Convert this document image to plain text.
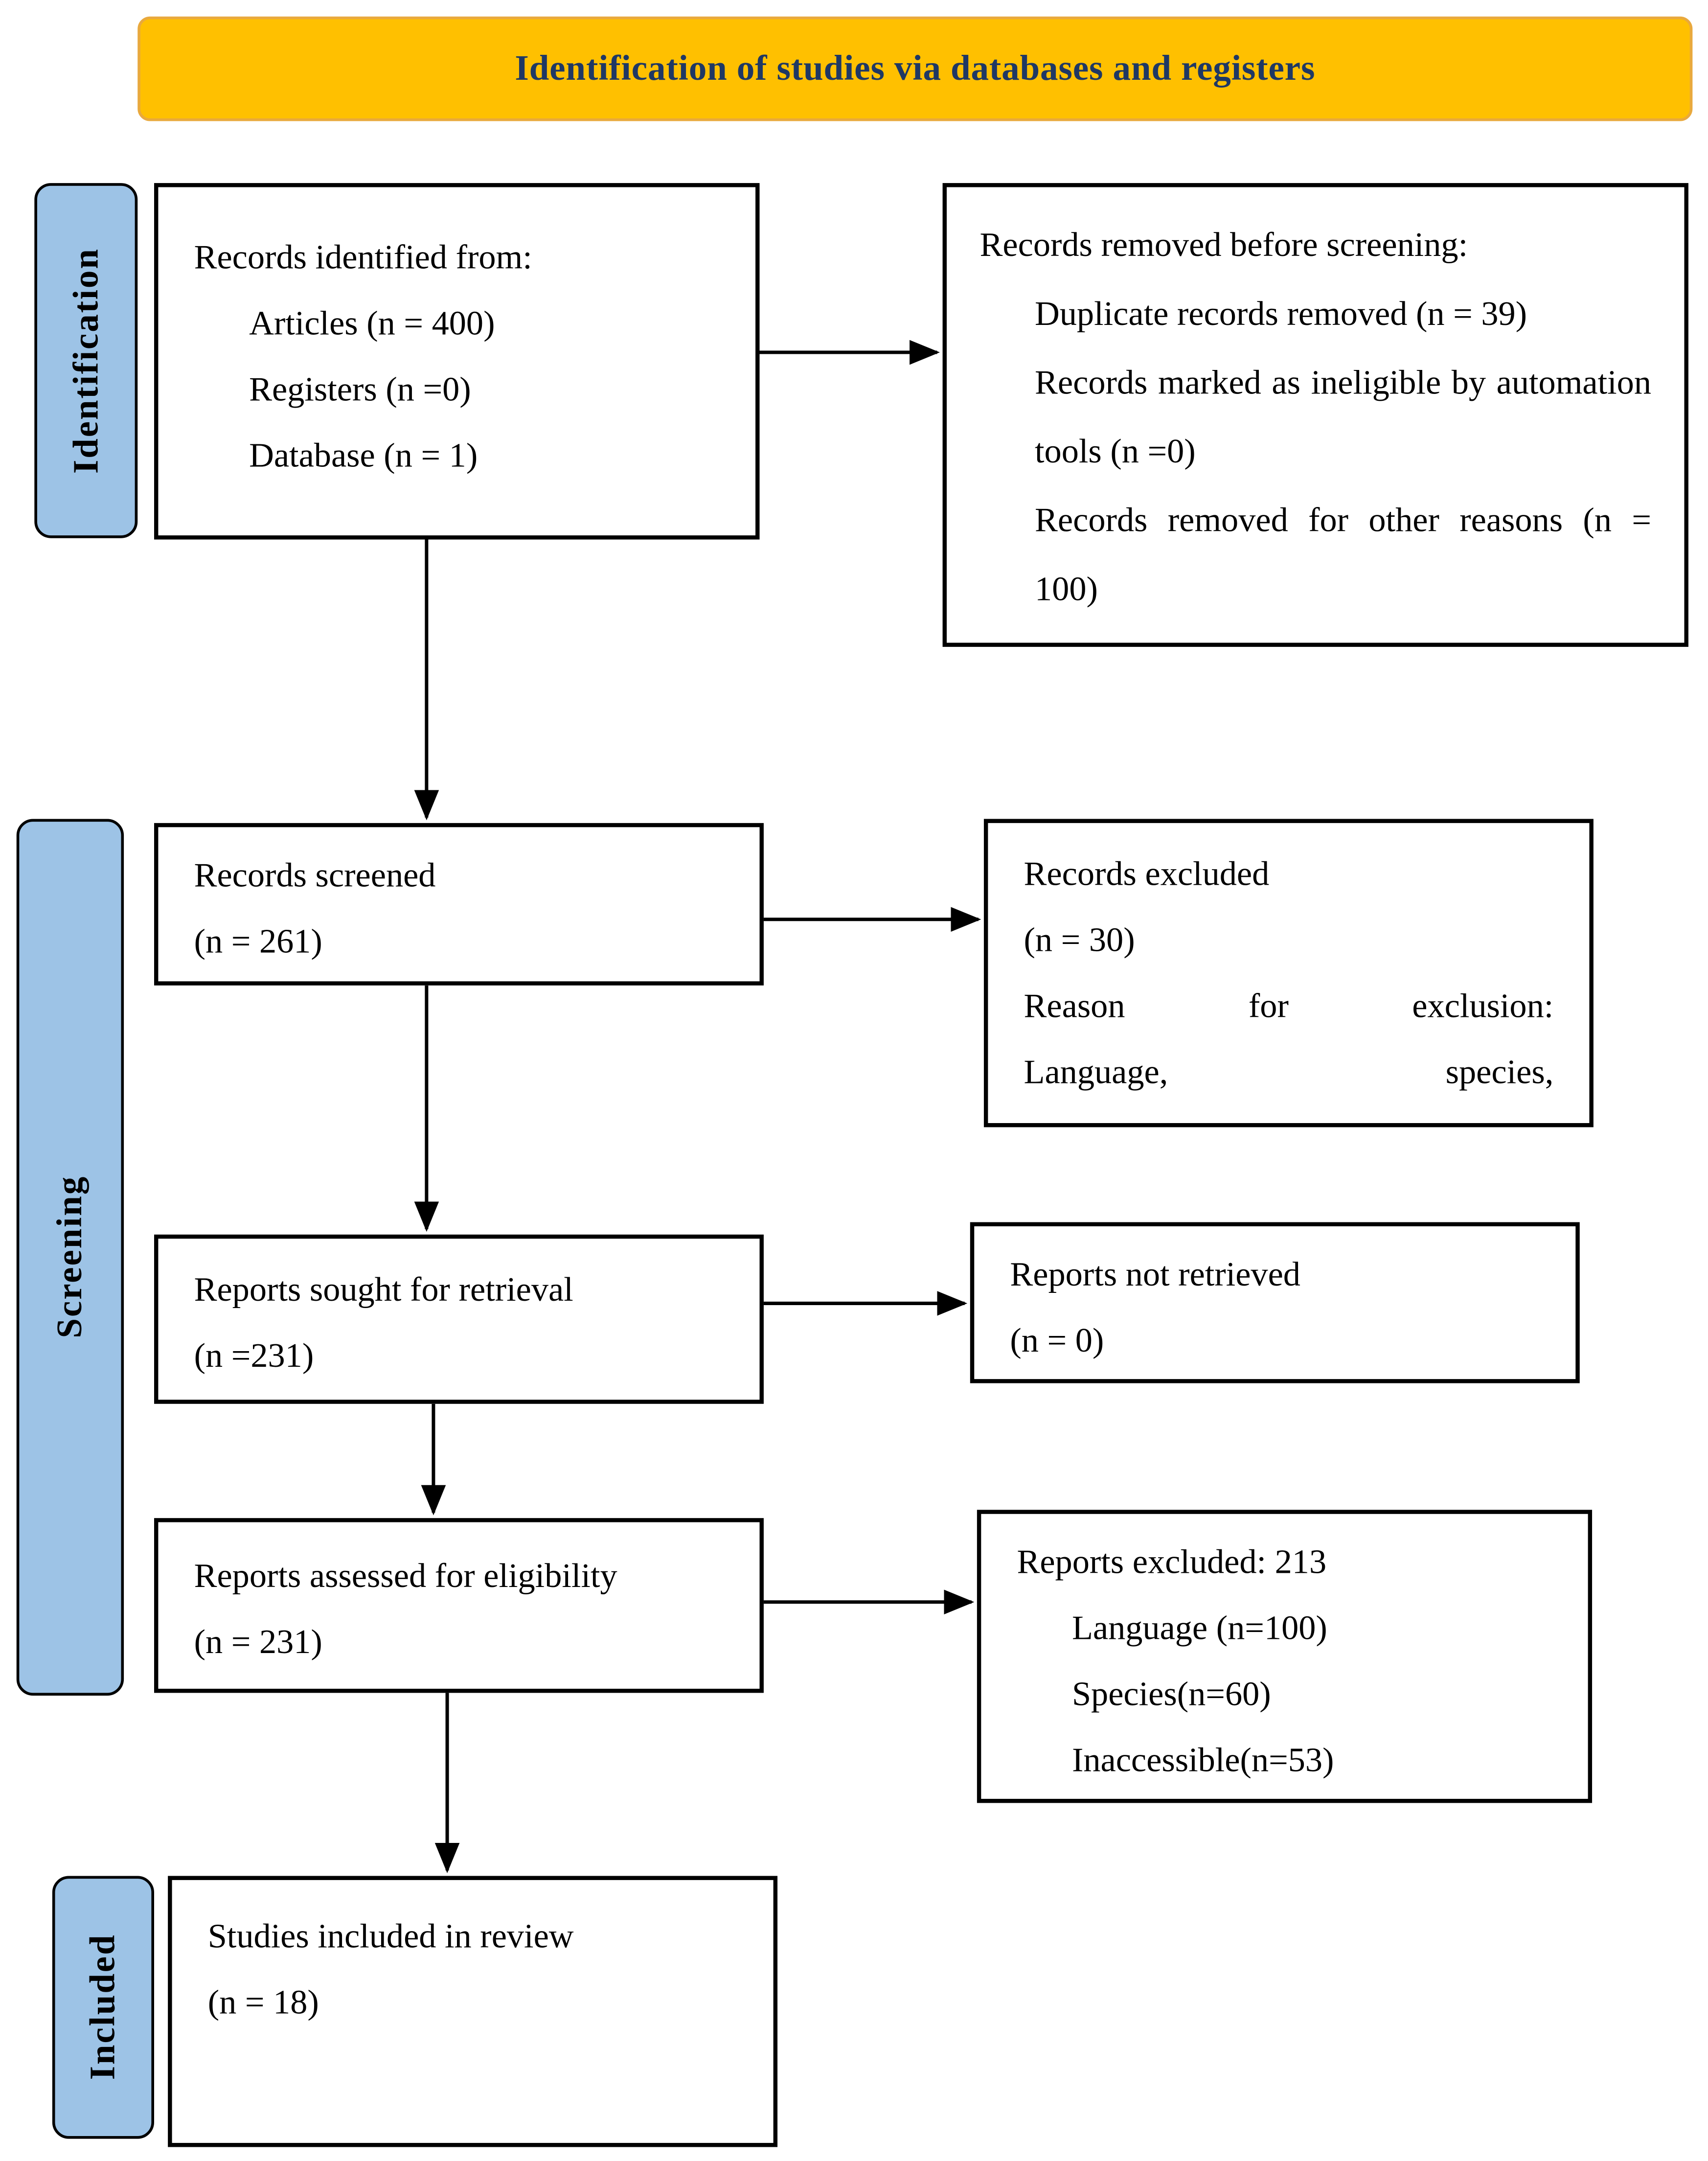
Identification of studies via databases and registers
Identification
Screening
Included
Records identified from:
Articles (n = 400)
Registers (n =0)
Database (n = 1)
Records removed before screening:
Duplicate records removed (n = 39)
Records marked as ineligible by automation tools (n =0)
Records removed for other reasons (n = 100)
Records screened
(n = 261)
Records excluded
(n = 30)
Reason for exclusion:
Language, species,
Reports sought for retrieval
(n =231)
Reports not retrieved
(n = 0)
Reports assessed for eligibility
(n = 231)
Reports excluded: 213
Language (n=100)
Species(n=60)
Inaccessible(n=53)
Studies included in review
(n = 18)
